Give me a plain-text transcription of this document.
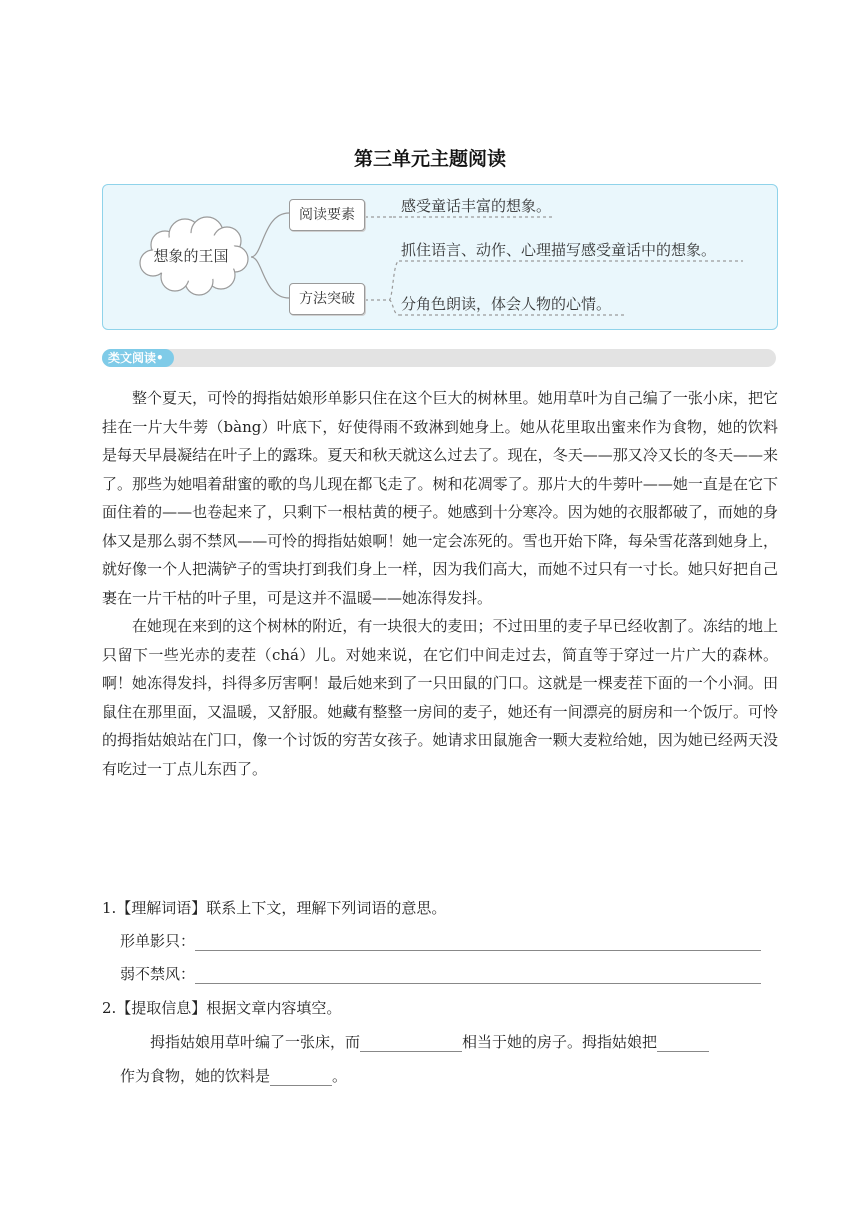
第三单元主题阅读
想象的王国
阅读要素
方法突破
感受童话丰富的想象。
抓住语言、动作、心理描写感受童话中的想象。
分角色朗读，体会人物的心情。
类文阅读•

整个夏天，可怜的拇指姑娘形单影只住在这个巨大的树林里。她用草叶为自己编了一张小床，把它挂在一片大牛蒡（bàng）叶底下，好使得雨不致淋到她身上。她从花里取出蜜来作为食物，她的饮料是每天早晨凝结在叶子上的露珠。夏天和秋天就这么过去了。现在，冬天——那又冷又长的冬天——来了。那些为她唱着甜蜜的歌的鸟儿现在都飞走了。树和花凋零了。那片大的牛蒡叶——她一直是在它下面住着的——也卷起来了，只剩下一根枯黄的梗子。她感到十分寒冷。因为她的衣服都破了，而她的身体又是那么弱不禁风——可怜的拇指姑娘啊！她一定会冻死的。雪也开始下降，每朵雪花落到她身上，就好像一个人把满铲子的雪块打到我们身上一样，因为我们高大，而她不过只有一寸长。她只好把自己裹在一片干枯的叶子里，可是这并不温暖——她冻得发抖。

在她现在来到的这个树林的附近，有一块很大的麦田；不过田里的麦子早已经收割了。冻结的地上只留下一些光赤的麦茬（chá）儿。对她来说，在它们中间走过去，简直等于穿过一片广大的森林。啊！她冻得发抖，抖得多厉害啊！最后她来到了一只田鼠的门口。这就是一棵麦茬下面的一个小洞。田鼠住在那里面，又温暖，又舒服。她藏有整整一房间的麦子，她还有一间漂亮的厨房和一个饭厅。可怜的拇指姑娘站在门口，像一个讨饭的穷苦女孩子。她请求田鼠施舍一颗大麦粒给她，因为她已经两天没有吃过一丁点儿东西了。

1.【理解词语】联系上下文，理解下列词语的意思。
形单影只：
弱不禁风：
2.【提取信息】根据文章内容填空。
拇指姑娘用草叶编了一张床，而	相当于她的房子。拇指姑娘把
作为食物，她的饮料是	。
